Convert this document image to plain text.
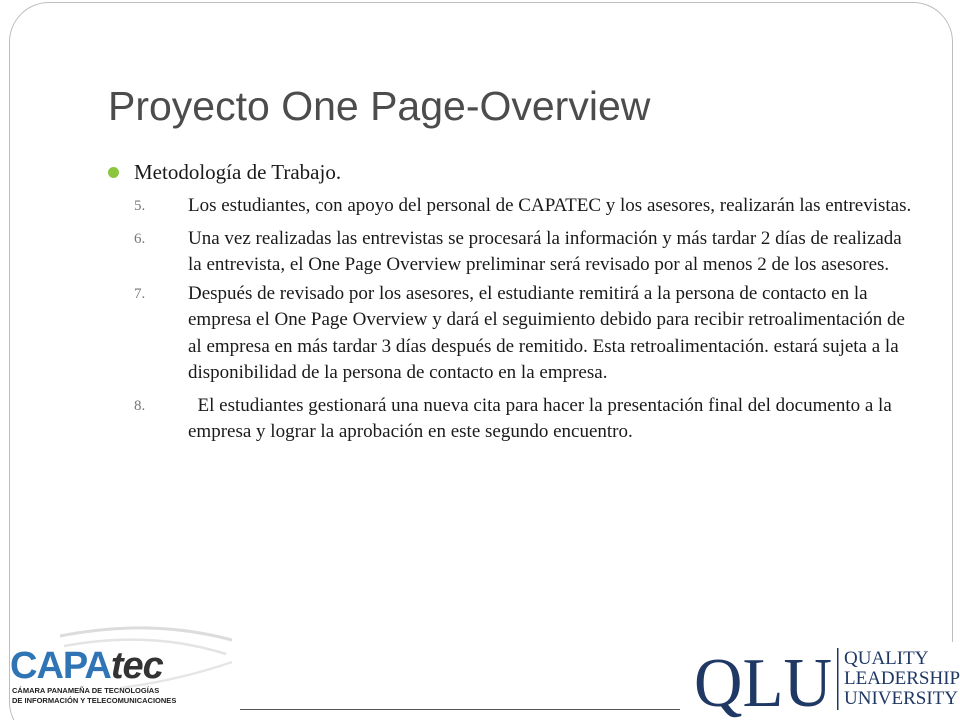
Proyecto One Page-Overview
Metodología de Trabajo.
5. Los estudiantes, con apoyo del personal de CAPATEC y los asesores, realizarán las entrevistas.
6. Una vez realizadas las entrevistas se procesará la información y más tardar 2 días de realizada la entrevista, el One Page Overview preliminar será revisado por al menos 2 de los asesores.
7. Después de revisado por los asesores, el estudiante remitirá a la persona de contacto en la empresa el One Page Overview y dará el seguimiento debido para recibir retroalimentación de al empresa en más tardar 3 días después de remitido. Esta retroalimentación. estará sujeta a la disponibilidad de la persona de contacto en la empresa.
8. El estudiantes gestionará una nueva cita para hacer la presentación final del documento a la empresa y lograr la aprobación en este segundo encuentro.
CAPAtec
CÁMARA PANAMEÑA DE TECNOLOGÍAS
DE INFORMACIÓN Y TELECOMUNICACIONES	QLU QUALITY
LEADERSHIP
UNIVERSITY
